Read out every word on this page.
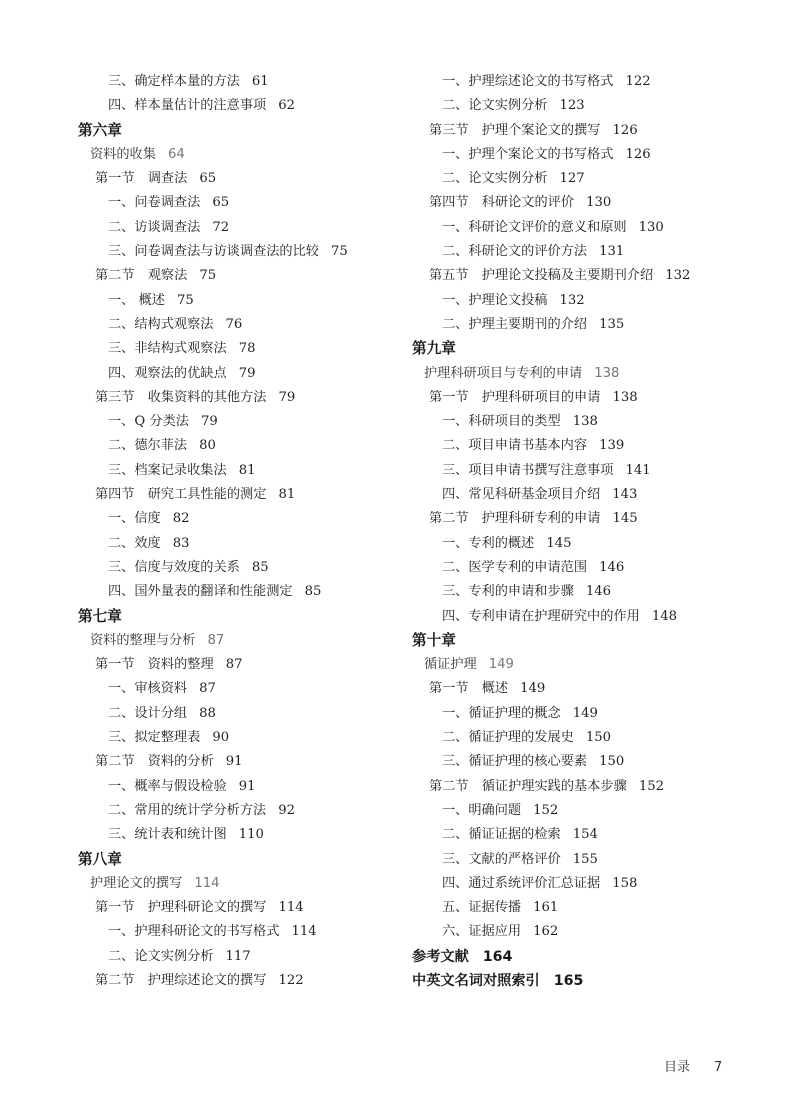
三、确定样本量的方法 61
四、样本量估计的注意事项 62
第六章
资料的收集 64
第一节　调查法 65
一、问卷调查法 65
二、访谈调查法 72
三、问卷调查法与访谈调查法的比较 75
第二节　观察法 75
一、 概述 75
二、结构式观察法 76
三、非结构式观察法 78
四、观察法的优缺点 79
第三节　收集资料的其他方法 79
一、Q 分类法 79
二、德尔菲法 80
三、档案记录收集法 81
第四节　研究工具性能的测定 81
一、信度 82
二、效度 83
三、信度与效度的关系 85
四、国外量表的翻译和性能测定 85
第七章
资料的整理与分析 87
第一节　资料的整理 87
一、审核资料 87
二、设计分组 88
三、拟定整理表 90
第二节　资料的分析 91
一、概率与假设检验 91
二、常用的统计学分析方法 92
三、统计表和统计图 110
第八章
护理论文的撰写 114
第一节　护理科研论文的撰写 114
一、护理科研论文的书写格式 114
二、论文实例分析 117
第二节　护理综述论文的撰写 122
一、护理综述论文的书写格式 122
二、论文实例分析 123
第三节　护理个案论文的撰写 126
一、护理个案论文的书写格式 126
二、论文实例分析 127
第四节　科研论文的评价 130
一、科研论文评价的意义和原则 130
二、科研论文的评价方法 131
第五节　护理论文投稿及主要期刊介绍 132
一、护理论文投稿 132
二、护理主要期刊的介绍 135
第九章
护理科研项目与专利的申请 138
第一节　护理科研项目的申请 138
一、科研项目的类型 138
二、项目申请书基本内容 139
三、项目申请书撰写注意事项 141
四、常见科研基金项目介绍 143
第二节　护理科研专利的申请 145
一、专利的概述 145
二、医学专利的申请范围 146
三、专利的申请和步骤 146
四、专利申请在护理研究中的作用 148
第十章
循证护理 149
第一节　概述 149
一、循证护理的概念 149
二、循证护理的发展史 150
三、循证护理的核心要素 150
第二节　循证护理实践的基本步骤 152
一、明确问题 152
二、循证证据的检索 154
三、文献的严格评价 155
四、通过系统评价汇总证据 158
五、证据传播 161
六、证据应用 162
参考文献 164
中英文名词对照索引 165
目录 7
